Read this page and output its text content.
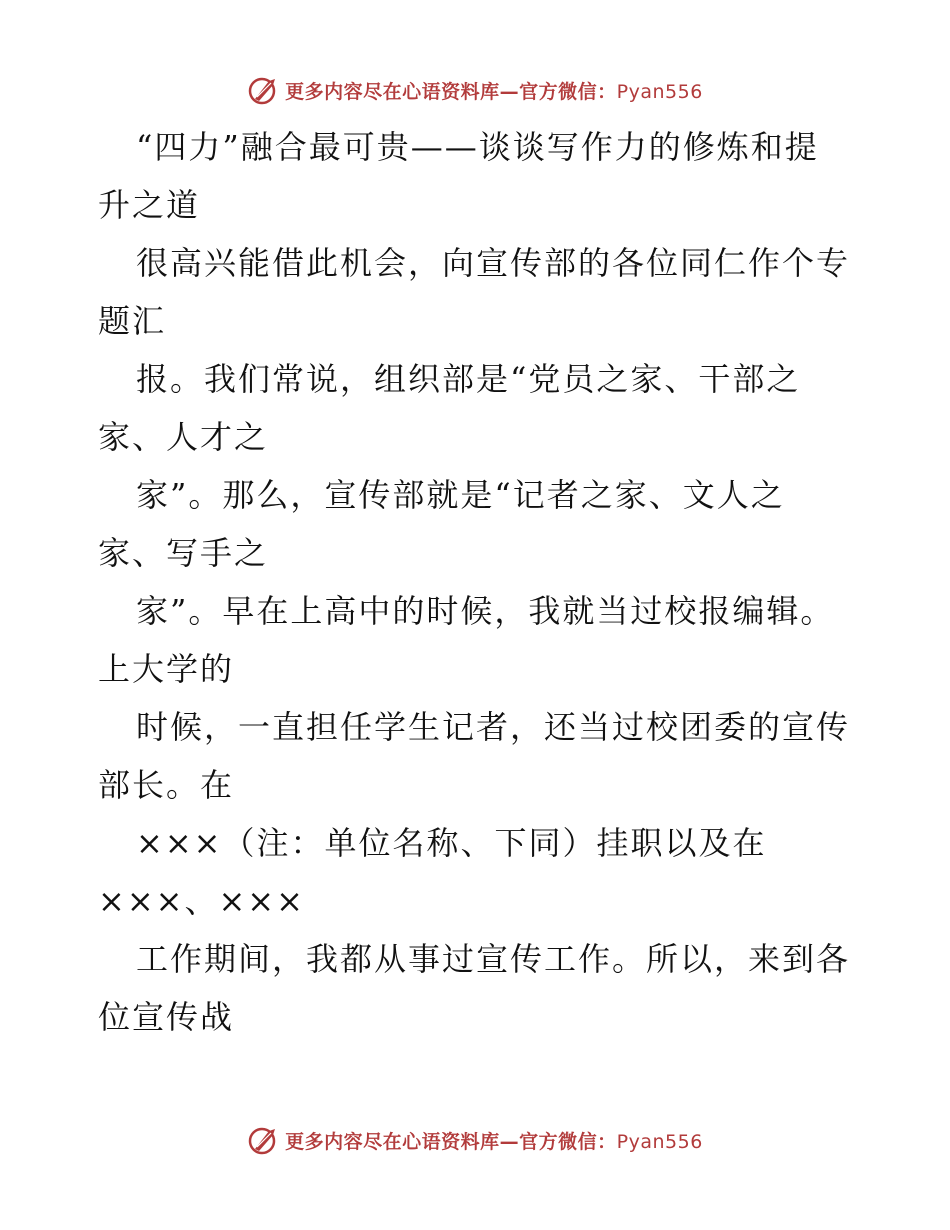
更多内容尽在心语资料库—官方微信：Pyan556
“四力”融合最可贵——谈谈写作力的修炼和提
升之道
很高兴能借此机会，向宣传部的各位同仁作个专
题汇
报。我们常说，组织部是“党员之家、干部之
家、人才之
家”。那么，宣传部就是“记者之家、文人之
家、写手之
家”。早在上高中的时候，我就当过校报编辑。
上大学的
时候，一直担任学生记者，还当过校团委的宣传
部长。在
×××（注：单位名称、下同）挂职以及在
×××、×××
工作期间，我都从事过宣传工作。所以，来到各
位宣传战
更多内容尽在心语资料库—官方微信：Pyan556
